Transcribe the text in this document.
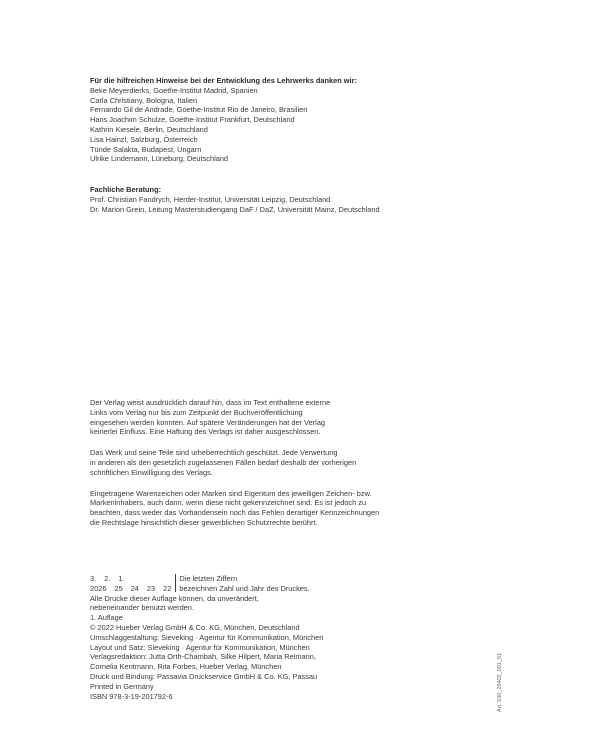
Für die hilfreichen Hinweise bei der Entwicklung des Lehrwerks danken wir:
Beke Meyerdierks, Goethe-Institut Madrid, Spanien
Carla Christiany, Bologna, Italien
Fernando Gil de Andrade, Goethe-Institut Rio de Janeiro, Brasilien
Hans Joachim Schulze, Goethe-Institut Frankfurt, Deutschland
Kathrin Kiesele, Berlin, Deutschland
Lisa Hainzl, Salzburg, Österreich
Tünde Salakta, Budapest, Ungarn
Ulrike Lindemann, Lüneburg, Deutschland
Fachliche Beratung:
Prof. Christian Fandrych, Herder-Institut, Universität Leipzig, Deutschland
Dr. Marion Grein, Leitung Masterstudiengang DaF / DaZ, Universität Mainz, Deutschland

Der Verlag weist ausdrücklich darauf hin, dass im Text enthaltene externe
Links vom Verlag nur bis zum Zeitpunkt der Buchveröffentlichung
eingesehen werden konnten. Auf spätere Veränderungen hat der Verlag
keinerlei Einfluss. Eine Haftung des Verlags ist daher ausgeschlossen.

Das Werk und seine Teile sind urheberrechtlich geschützt. Jede Verwertung
in anderen als den gesetzlich zugelassenen Fällen bedarf deshalb der vorherigen
schriftlichen Einwilligung des Verlags.

Eingetragene Warenzeichen oder Marken sind Eigentum des jeweiligen Zeichen- bzw.
Markeninhabers, auch dann, wenn diese nicht gekennzeichnet sind. Es ist jedoch zu
beachten, dass weder das Vorhandensein noch das Fehlen derartiger Kennzeichnungen
die Rechtslage hinsichtlich dieser gewerblichen Schutzrechte berührt.

3. 2. 1.
2026 25 24 23 22
Die letzten Ziffern
bezeichnen Zahl und Jahr des Druckes.
Alle Drucke dieser Auflage können, da unverändert,
nebeneinander benutzt werden.
1. Auflage
© 2022 Hueber Verlag GmbH & Co. KG, München, Deutschland
Umschlaggestaltung: Sieveking · Agentur für Kommunikation, München
Layout und Satz: Sieveking · Agentur für Kommunikation, München
Verlagsredaktion: Jutta Orth-Chambah, Silke Hilpert, Maria Reimann,
Cornelia Kentmann, Rita Forbes, Hueber Verlag, München
Druck und Bindung: Passavia Druckservice GmbH & Co. KG, Passau
Printed in Germany
ISBN 978-3-19-201792-6	Art. 530_26402_001_01
